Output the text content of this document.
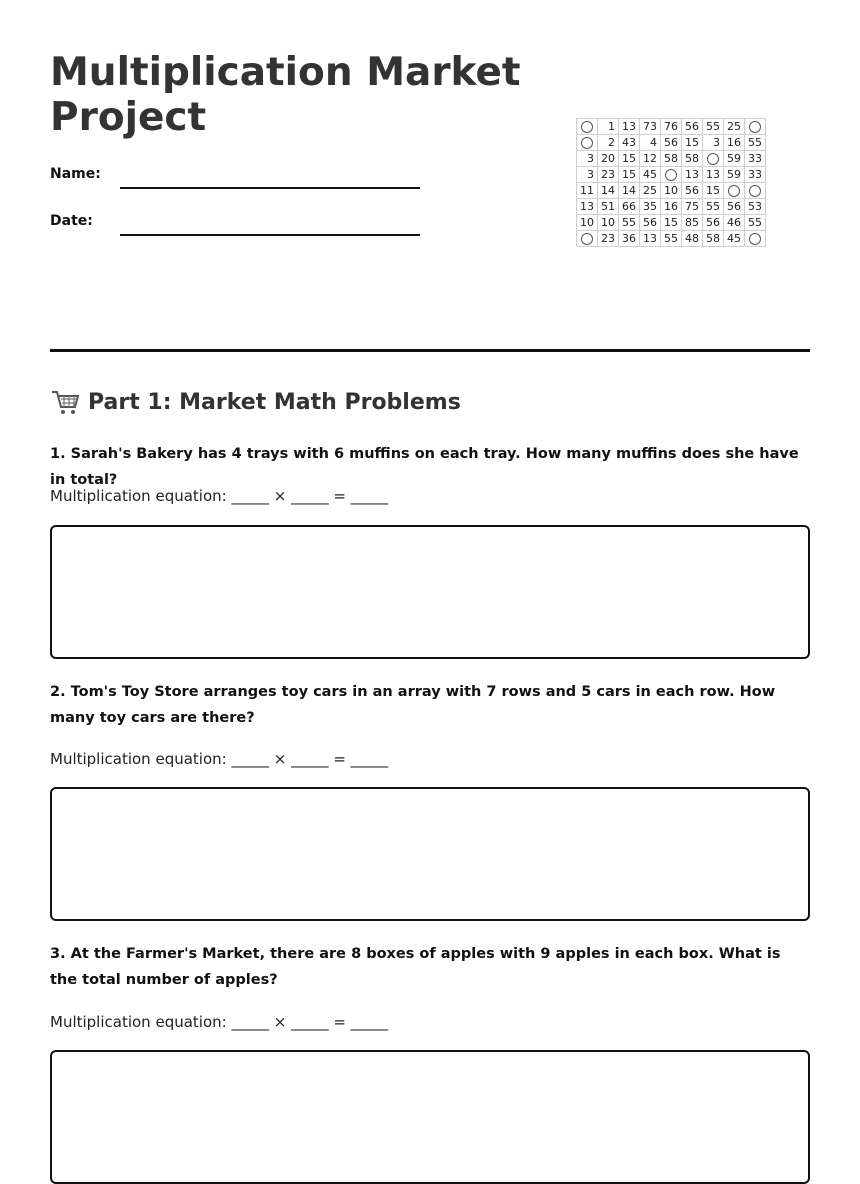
Multiplication Market Project
Name:
Date:
	1	13	73	76	56	55	25	
	2	43	4	56	15	3	16	55
3	20	15	12	58	58		59	33
3	23	15	45		13	13	59	33
11	14	14	25	10	56	15		
13	51	66	35	16	75	55	56	53
10	10	55	56	15	85	56	46	55
	23	36	13	55	48	58	45	
Part 1: Market Math Problems

1. Sarah's Bakery has 4 trays with 6 muffins on each tray. How many muffins does she have in total?

Multiplication equation: _____ × _____ = _____

2. Tom's Toy Store arranges toy cars in an array with 7 rows and 5 cars in each row. How many toy cars are there?

Multiplication equation: _____ × _____ = _____

3. At the Farmer's Market, there are 8 boxes of apples with 9 apples in each box. What is the total number of apples?

Multiplication equation: _____ × _____ = _____
